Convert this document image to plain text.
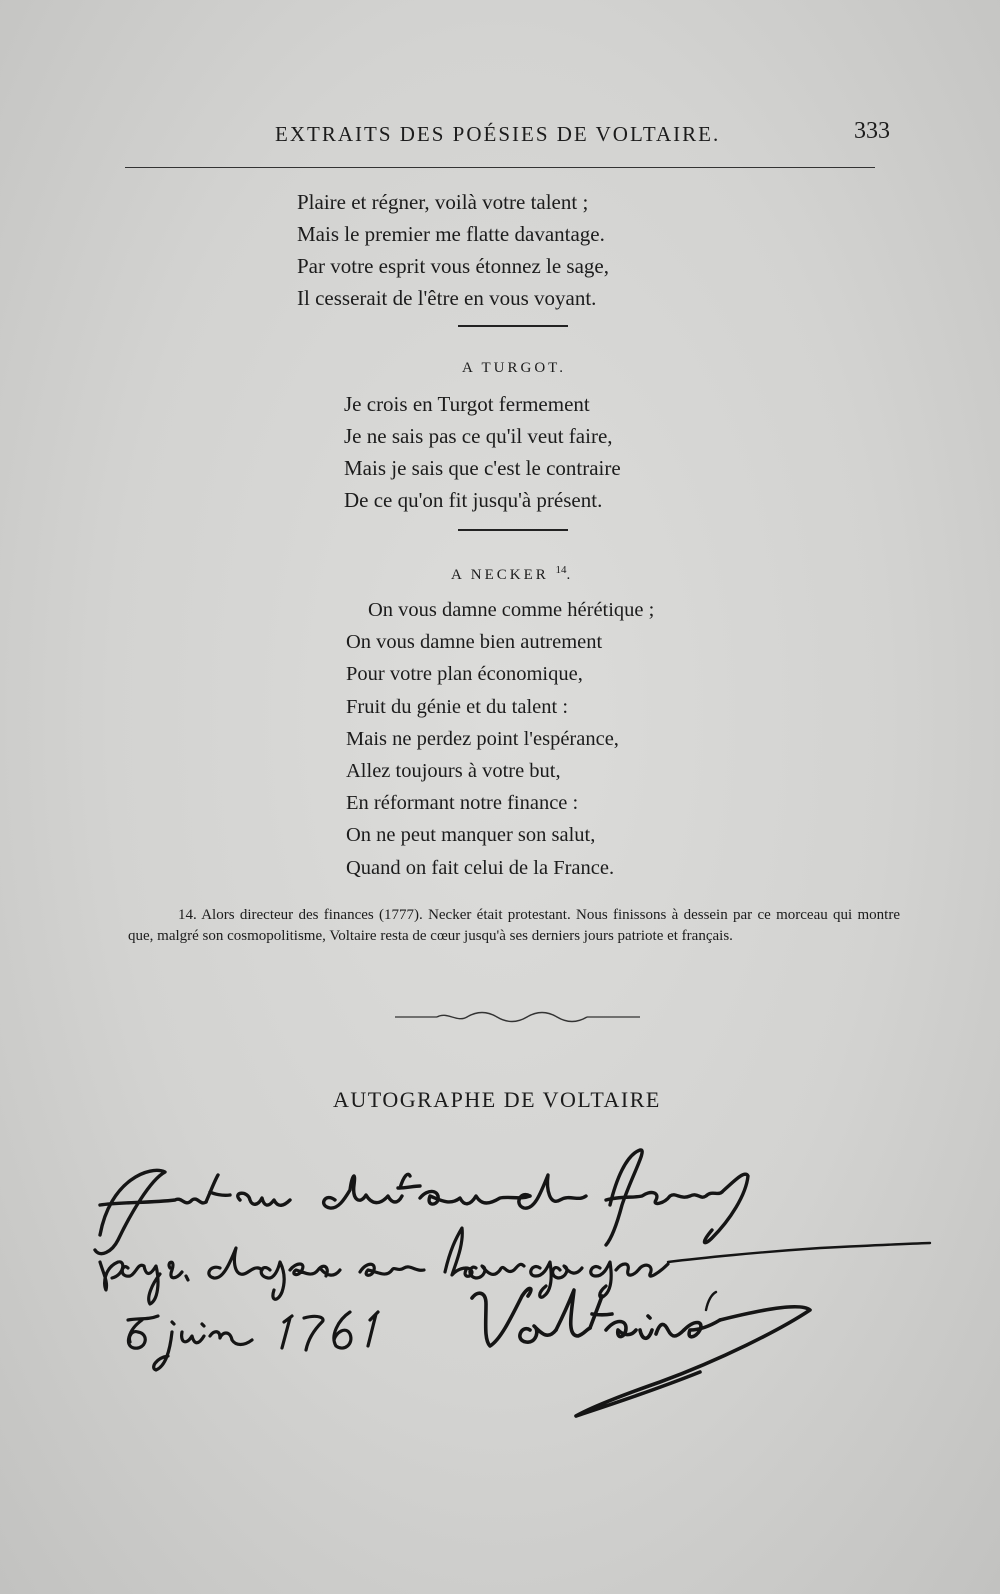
EXTRAITS DES POÉSIES DE VOLTAIRE.	333
Plaire et régner, voilà votre talent ;
Mais le premier me flatte davantage.
Par votre esprit vous étonnez le sage,
Il cesserait de l'être en vous voyant.
A TURGOT.
Je crois en Turgot fermement
Je ne sais pas ce qu'il veut faire,
Mais je sais que c'est le contraire
De ce qu'on fit jusqu'à présent.
A NECKER $^{14}$.
On vous damne comme hérétique ;
On vous damne bien autrement
Pour votre plan économique,
Fruit du génie et du talent :
Mais ne perdez point l'espérance,
Allez toujours à votre but,
En réformant notre finance :
On ne peut manquer son salut,
Quand on fait celui de la France.
14. Alors directeur des finances (1777). Necker était protestant. Nous finissons à dessein par ce morceau qui montre que, malgré son cosmopolitisme, Voltaire resta de cœur jusqu'à ses derniers jours patriote et français.
AUTOGRAPHE DE VOLTAIRE
